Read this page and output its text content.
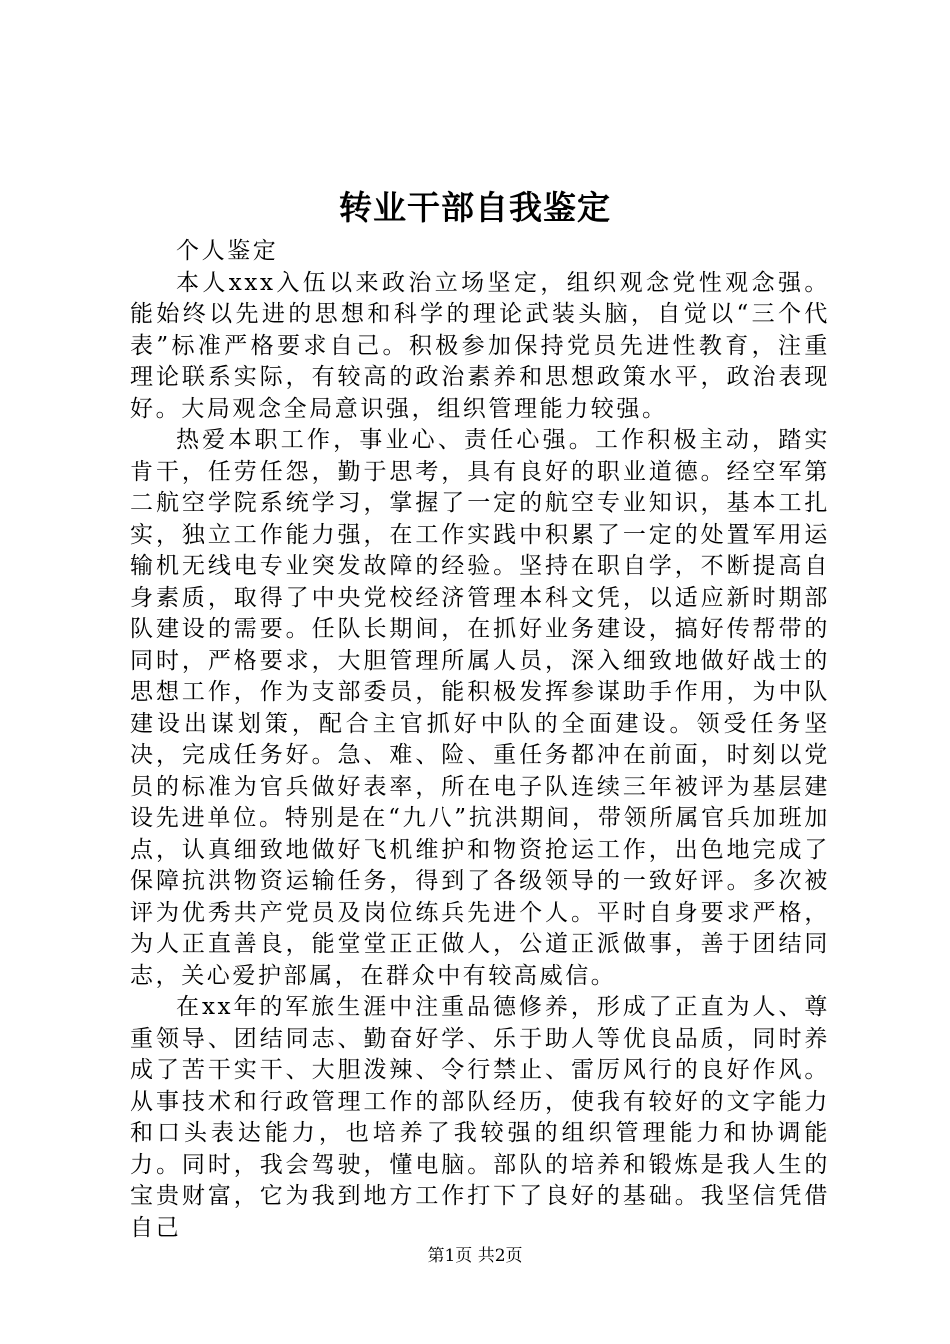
转业干部自我鉴定

个人鉴定

本人xxx入伍以来政治立场坚定，组织观念党性观念强。能始终以先进的思想和科学的理论武装头脑，自觉以“三个代表”标准严格要求自己。积极参加保持党员先进性教育，注重理论联系实际，有较高的政治素养和思想政策水平，政治表现好。大局观念全局意识强，组织管理能力较强。

热爱本职工作，事业心、责任心强。工作积极主动，踏实肯干，任劳任怨，勤于思考，具有良好的职业道德。经空军第二航空学院系统学习，掌握了一定的航空专业知识，基本工扎实，独立工作能力强，在工作实践中积累了一定的处置军用运输机无线电专业突发故障的经验。坚持在职自学，不断提高自身素质，取得了中央党校经济管理本科文凭，以适应新时期部队建设的需要。任队长期间，在抓好业务建设，搞好传帮带的同时，严格要求，大胆管理所属人员，深入细致地做好战士的思想工作，作为支部委员，能积极发挥参谋助手作用，为中队建设出谋划策，配合主官抓好中队的全面建设。领受任务坚决，完成任务好。急、难、险、重任务都冲在前面，时刻以党员的标准为官兵做好表率，所在电子队连续三年被评为基层建设先进单位。特别是在“九八”抗洪期间，带领所属官兵加班加点，认真细致地做好飞机维护和物资抢运工作，出色地完成了保障抗洪物资运输任务，得到了各级领导的一致好评。多次被评为优秀共产党员及岗位练兵先进个人。平时自身要求严格，为人正直善良，能堂堂正正做人，公道正派做事，善于团结同志，关心爱护部属，在群众中有较高威信。

在xx年的军旅生涯中注重品德修养，形成了正直为人、尊重领导、团结同志、勤奋好学、乐于助人等优良品质，同时养成了苦干实干、大胆泼辣、令行禁止、雷厉风行的良好作风。从事技术和行政管理工作的部队经历，使我有较好的文字能力和口头表达能力，也培养了我较强的组织管理能力和协调能力。同时，我会驾驶，懂电脑。部队的培养和锻炼是我人生的宝贵财富，它为我到地方工作打下了良好的基础。我坚信凭借自己

第1页 共2页
